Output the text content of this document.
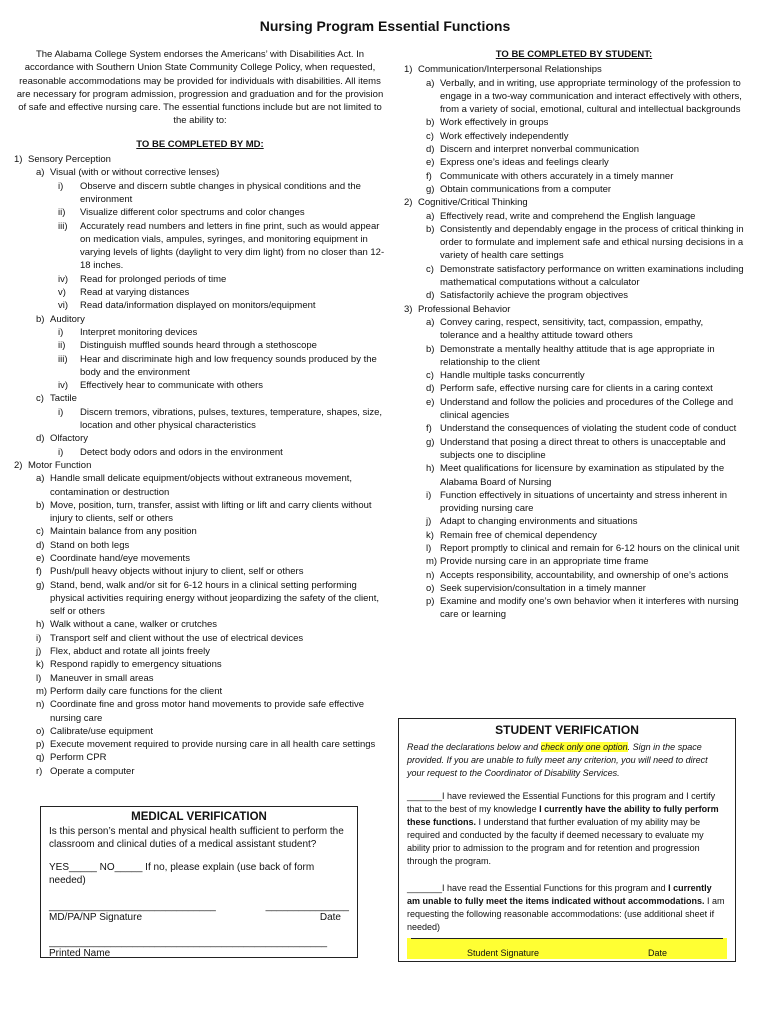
Nursing Program Essential Functions
The Alabama College System endorses the Americans’ with Disabilities Act. In accordance with Southern Union State Community College Policy, when requested, reasonable accommodations may be provided for individuals with disabilities. All items are necessary for program admission, progression and graduation and for the provision of safe and effective nursing care. The essential functions include but are not limited to the ability to:
TO BE COMPLETED BY MD:
1) Sensory Perception
a) Visual (with or without corrective lenses)
i)	Observe and discern subtle changes in physical conditions and the environment
ii)	Visualize different color spectrums and color changes
iii)	Accurately read numbers and letters in fine print, such as would appear on medication vials, ampules, syringes, and monitoring equipment in varying levels of lights (daylight to very dim light) from no closer than 12-18 inches.
iv)	Read for prolonged periods of time
v)	Read at varying distances
vi)	Read data/information displayed on monitors/equipment
b) Auditory
i)	Interpret monitoring devices
ii)	Distinguish muffled sounds heard through a stethoscope
iii)	Hear and discriminate high and low frequency sounds produced by the body and the environment
iv)	Effectively hear to communicate with others
c) Tactile
i)	Discern tremors, vibrations, pulses, textures, temperature, shapes, size, location and other physical characteristics
d) Olfactory
i)	Detect body odors and odors in the environment
2) Motor Function
a) Handle small delicate equipment/objects without extraneous movement, contamination or destruction
b) Move, position, turn, transfer, assist with lifting or lift and carry clients without injury to clients, self or others
c) Maintain balance from any position
d) Stand on both legs
e) Coordinate hand/eye movements
f) Push/pull heavy objects without injury to client, self or others
g) Stand, bend, walk and/or sit for 6-12 hours in a clinical setting performing physical activities requiring energy without jeopardizing the safety of the client, self or others
h) Walk without a cane, walker or crutches
i) Transport self and client without the use of electrical devices
j) Flex, abduct and rotate all joints freely
k) Respond rapidly to emergency situations
l) Maneuver in small areas
m) Perform daily care functions for the client
n) Coordinate fine and gross motor hand movements to provide safe effective nursing care
o) Calibrate/use equipment
p) Execute movement required to provide nursing care in all health care settings
q) Perform CPR
r) Operate a computer
TO BE COMPLETED BY STUDENT:
1) Communication/Interpersonal Relationships
a) Verbally, and in writing, use appropriate terminology of the profession to engage in a two-way communication and interact effectively with others, from a variety of social, emotional, cultural and intellectual backgrounds
b) Work effectively in groups
c) Work effectively independently
d) Discern and interpret nonverbal communication
e) Express one’s ideas and feelings clearly
f) Communicate with others accurately in a timely manner
g) Obtain communications from a computer
2) Cognitive/Critical Thinking
a) Effectively read, write and comprehend the English language
b) Consistently and dependably engage in the process of critical thinking in order to formulate and implement safe and ethical nursing decisions in a variety of health care settings
c) Demonstrate satisfactory performance on written examinations including mathematical computations without a calculator
d) Satisfactorily achieve the program objectives
3) Professional Behavior
a) Convey caring, respect, sensitivity, tact, compassion, empathy, tolerance and a healthy attitude toward others
b) Demonstrate a mentally healthy attitude that is age appropriate in relationship to the client
c) Handle multiple tasks concurrently
d) Perform safe, effective nursing care for clients in a caring context
e) Understand and follow the policies and procedures of the College and clinical agencies
f) Understand the consequences of violating the student code of conduct
g) Understand that posing a direct threat to others is unacceptable and subjects one to discipline
h) Meet qualifications for licensure by examination as stipulated by the Alabama Board of Nursing
i) Function effectively in situations of uncertainty and stress inherent in providing nursing care
j) Adapt to changing environments and situations
k) Remain free of chemical dependency
l) Report promptly to clinical and remain for 6-12 hours on the clinical unit
m) Provide nursing care in an appropriate time frame
n) Accepts responsibility, accountability, and ownership of one’s actions
o) Seek supervision/consultation in a timely manner
p) Examine and modify one’s own behavior when it interferes with nursing care or learning
MEDICAL VERIFICATION

Is this person’s mental and physical health sufficient to perform the classroom and clinical duties of a medical assistant student?

YES_____ NO_____ If no, please explain (use back of form needed)

______________________________	_______________
MD/PA/NP Signature	Date
__________________________________________________
Printed Name
STUDENT VERIFICATION

Read the declarations below and check only one option. Sign in the space provided. If you are unable to fully meet any criterion, you will need to direct your request to the Coordinator of Disability Services.

_______I have reviewed the Essential Functions for this program and I certify that to the best of my knowledge I currently have the ability to fully perform these functions. I understand that further evaluation of my ability may be required and conducted by the faculty if deemed necessary to evaluate my ability prior to admission to the program and for retention and progression through the program.

_______I have read the Essential Functions for this program and I currently am unable to fully meet the items indicated without accommodations. I am requesting the following reasonable accommodations: (use additional sheet if needed)

Student Signature	Date
